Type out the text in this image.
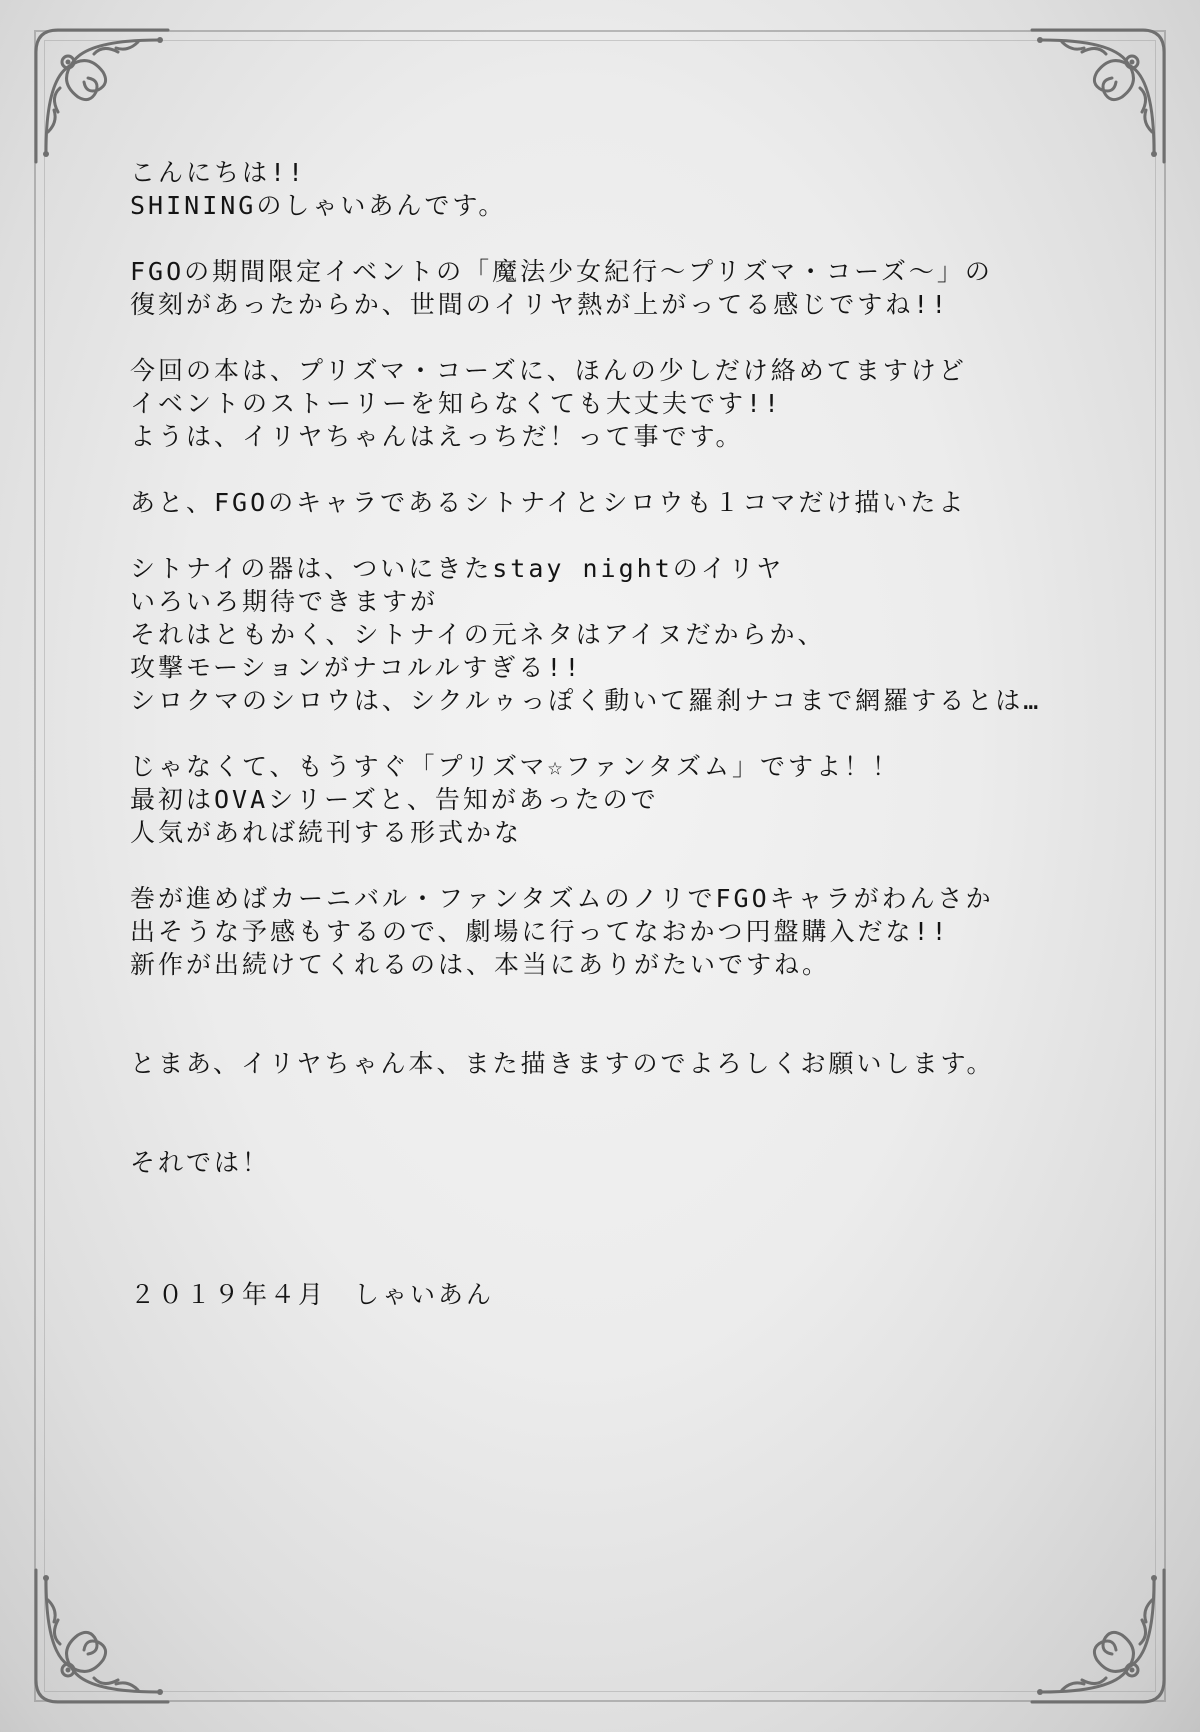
こんにちは!!
SHININGのしゃいあんです。
FGOの期間限定イベントの「魔法少女紀行～プリズマ・コーズ～」の
復刻があったからか、世間のイリヤ熱が上がってる感じですね!!
今回の本は、プリズマ・コーズに、ほんの少しだけ絡めてますけど
イベントのストーリーを知らなくても大丈夫です!!
ようは、イリヤちゃんはえっちだ！って事です。
あと、FGOのキャラであるシトナイとシロウも１コマだけ描いたよ
シトナイの器は、ついにきたstay nightのイリヤ
いろいろ期待できますが
それはともかく、シトナイの元ネタはアイヌだからか、
攻撃モーションがナコルルすぎる!!
シロクマのシロウは、シクルゥっぽく動いて羅刹ナコまで網羅するとは…
じゃなくて、もうすぐ「プリズマ☆ファンタズム」ですよ！！
最初はOVAシリーズと、告知があったので
人気があれば続刊する形式かな
巻が進めばカーニバル・ファンタズムのノリでFGOキャラがわんさか
出そうな予感もするので、劇場に行ってなおかつ円盤購入だな!!
新作が出続けてくれるのは、本当にありがたいですね。
とまあ、イリヤちゃん本、また描きますのでよろしくお願いします。
それでは！
２０１９年４月　しゃいあん
